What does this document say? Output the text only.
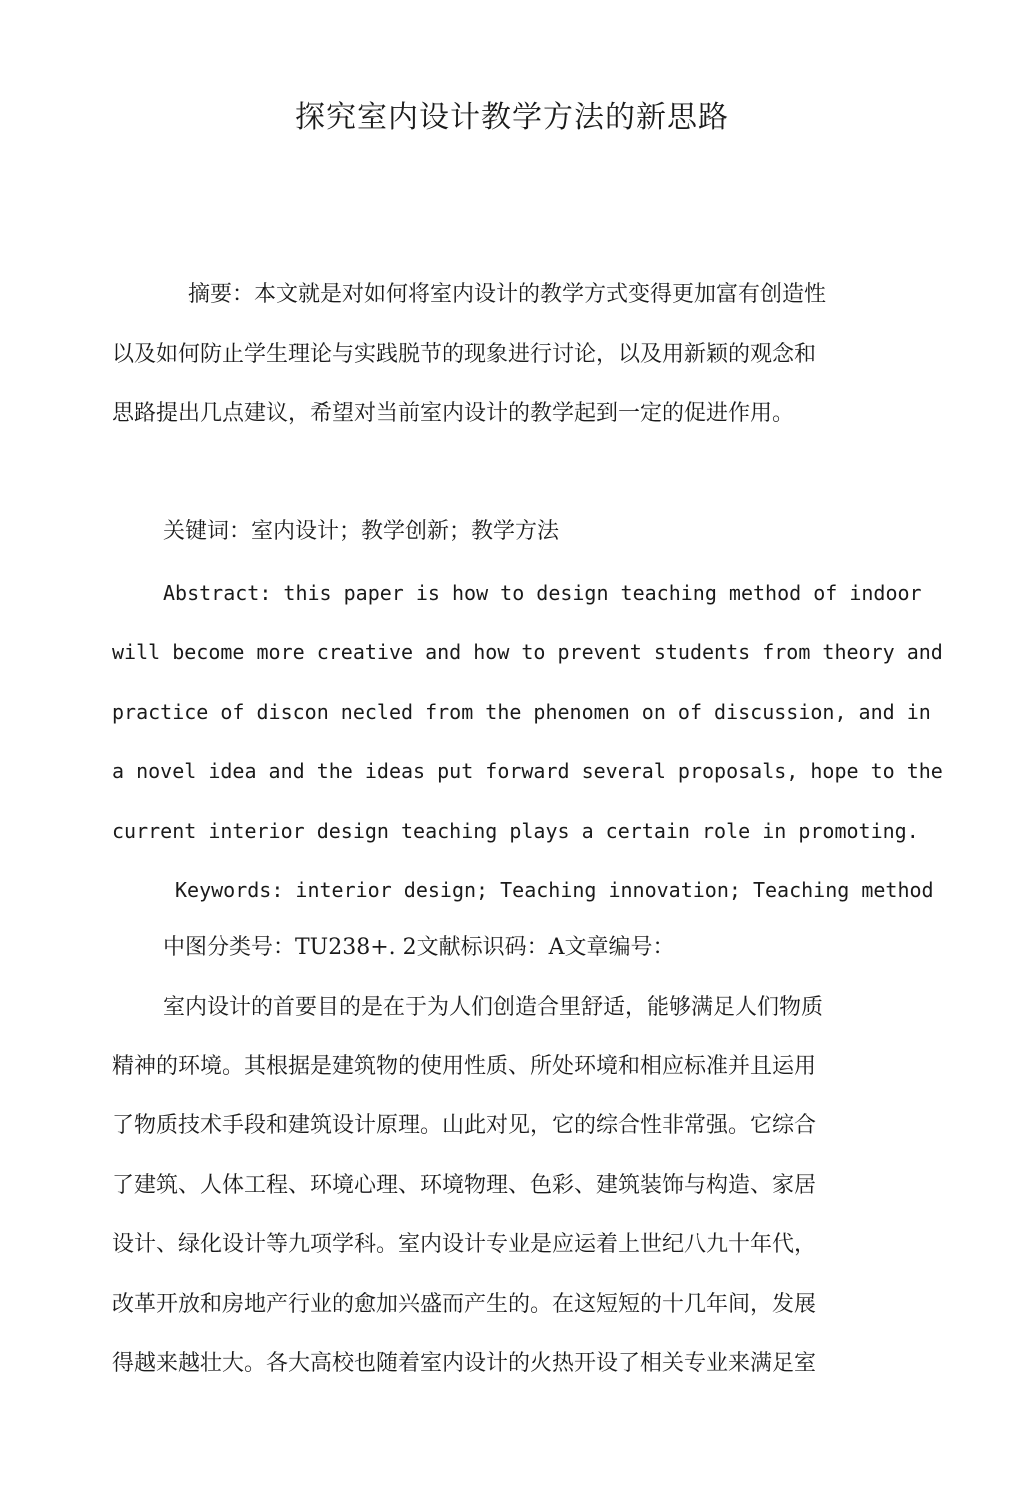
探究室内设计教学方法的新思路
摘要：本文就是对如何将室内设计的教学方式变得更加富有创造性
以及如何防止学生理论与实践脱节的现象进行讨论，以及用新颖的观念和
思路提出几点建议，希望对当前室内设计的教学起到一定的促进作用。
关键词：室内设计；教学创新；教学方法
Abstract: this paper is how to design teaching method of indoor
will become more creative and how to prevent students from theory and
practice of discon necled from the phenomen on of discussion, and in
a novel idea and the ideas put forward several proposals, hope to the
current interior design teaching plays a certain role in promoting.
Keywords: interior design; Teaching innovation; Teaching method
中图分类号：TU238+. 2文献标识码：A文章编号：
室内设计的首要目的是在于为人们创造合里舒适，能够满足人们物质
精神的环境。其根据是建筑物的使用性质、所处环境和相应标准并且运用
了物质技术手段和建筑设计原理。山此对见，它的综合性非常强。它综合
了建筑、人体工程、环境心理、环境物理、色彩、建筑装饰与构造、家居
设计、绿化设计等九项学科。室内设计专业是应运着上世纪八九十年代，
改革开放和房地产行业的愈加兴盛而产生的。在这短短的十几年间，发展
得越来越壮大。各大高校也随着室内设计的火热开设了相关专业来满足室
